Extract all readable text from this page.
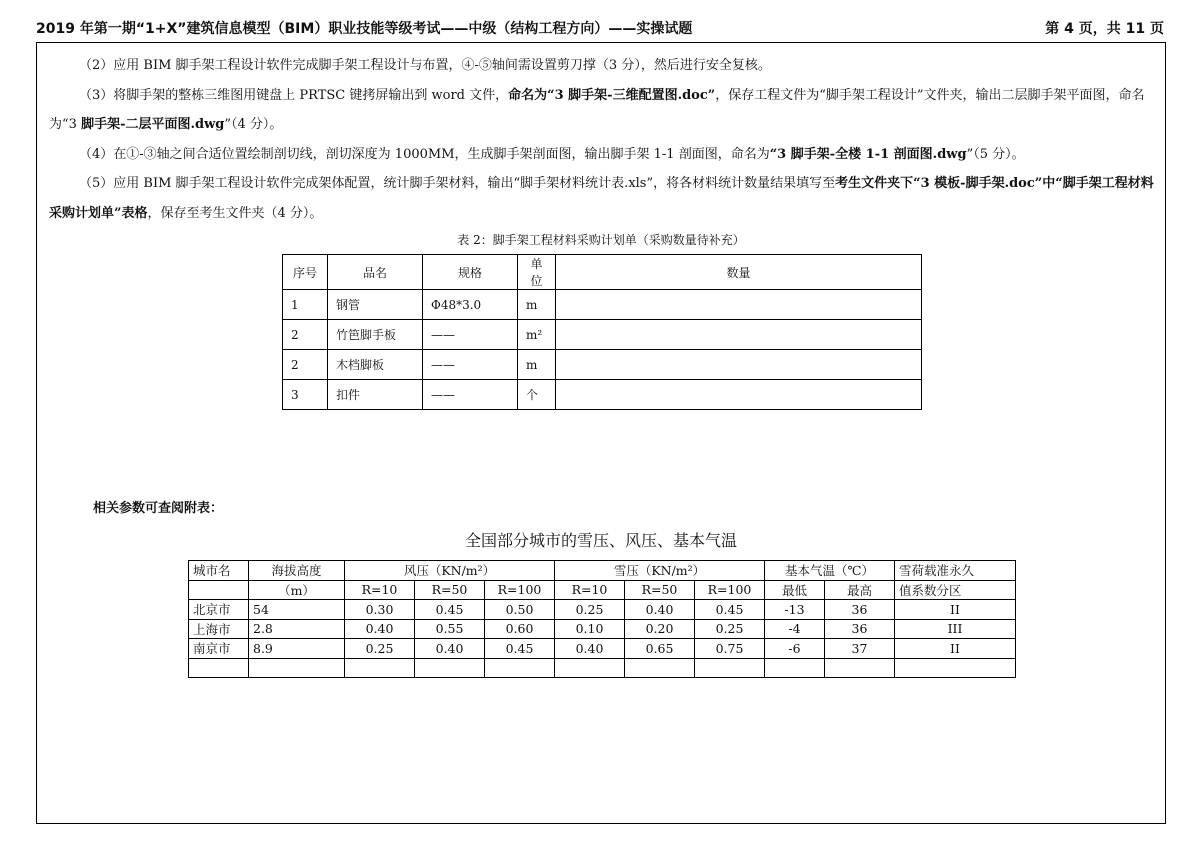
2019 年第一期“1+X”建筑信息模型（BIM）职业技能等级考试——中级（结构工程方向）——实操试题	第 4 页，共 11 页

（2）应用 BIM 脚手架工程设计软件完成脚手架工程设计与布置，④-⑤轴间需设置剪刀撑（3 分），然后进行安全复核。

（3）将脚手架的整栋三维图用键盘上 PRTSC 键拷屏输出到 word 文件，命名为“3 脚手架-三维配置图.doc”，保存工程文件为“脚手架工程设计”文件夹，输出二层脚手架平面图，命名为“3 脚手架-二层平面图.dwg”（4 分）。

（4）在①-③轴之间合适位置绘制剖切线，剖切深度为 1000MM，生成脚手架剖面图，输出脚手架 1-1 剖面图，命名为“3 脚手架-全楼 1-1 剖面图.dwg”（5 分）。

（5）应用 BIM 脚手架工程设计软件完成架体配置，统计脚手架材料，输出“脚手架材料统计表.xls”，将各材料统计数量结果填写至考生文件夹下“3 模板-脚手架.doc”中“脚手架工程材料采购计划单”表格，保存至考生文件夹（4 分）。

表 2：脚手架工程材料采购计划单（采购数量待补充）
序号	品名	规格	单位	数量
1	钢管	Φ48*3.0	m	
2	竹笆脚手板	——	m²	
2	木档脚板	——	m	
3	扣件	——	个	
相关参数可查阅附表：
全国部分城市的雪压、风压、基本气温
城市名	海拔高度	风压（KN/m²）			雪压（KN/m²）			基本气温（℃）		雪荷载准永久
	（m）	R=10	R=50	R=100	R=10	R=50	R=100	最低	最高	值系数分区
北京市	54	0.30	0.45	0.50	0.25	0.40	0.45	-13	36	II
上海市	2.8	0.40	0.55	0.60	0.10	0.20	0.25	-4	36	III
南京市	8.9	0.25	0.40	0.45	0.40	0.65	0.75	-6	37	II
